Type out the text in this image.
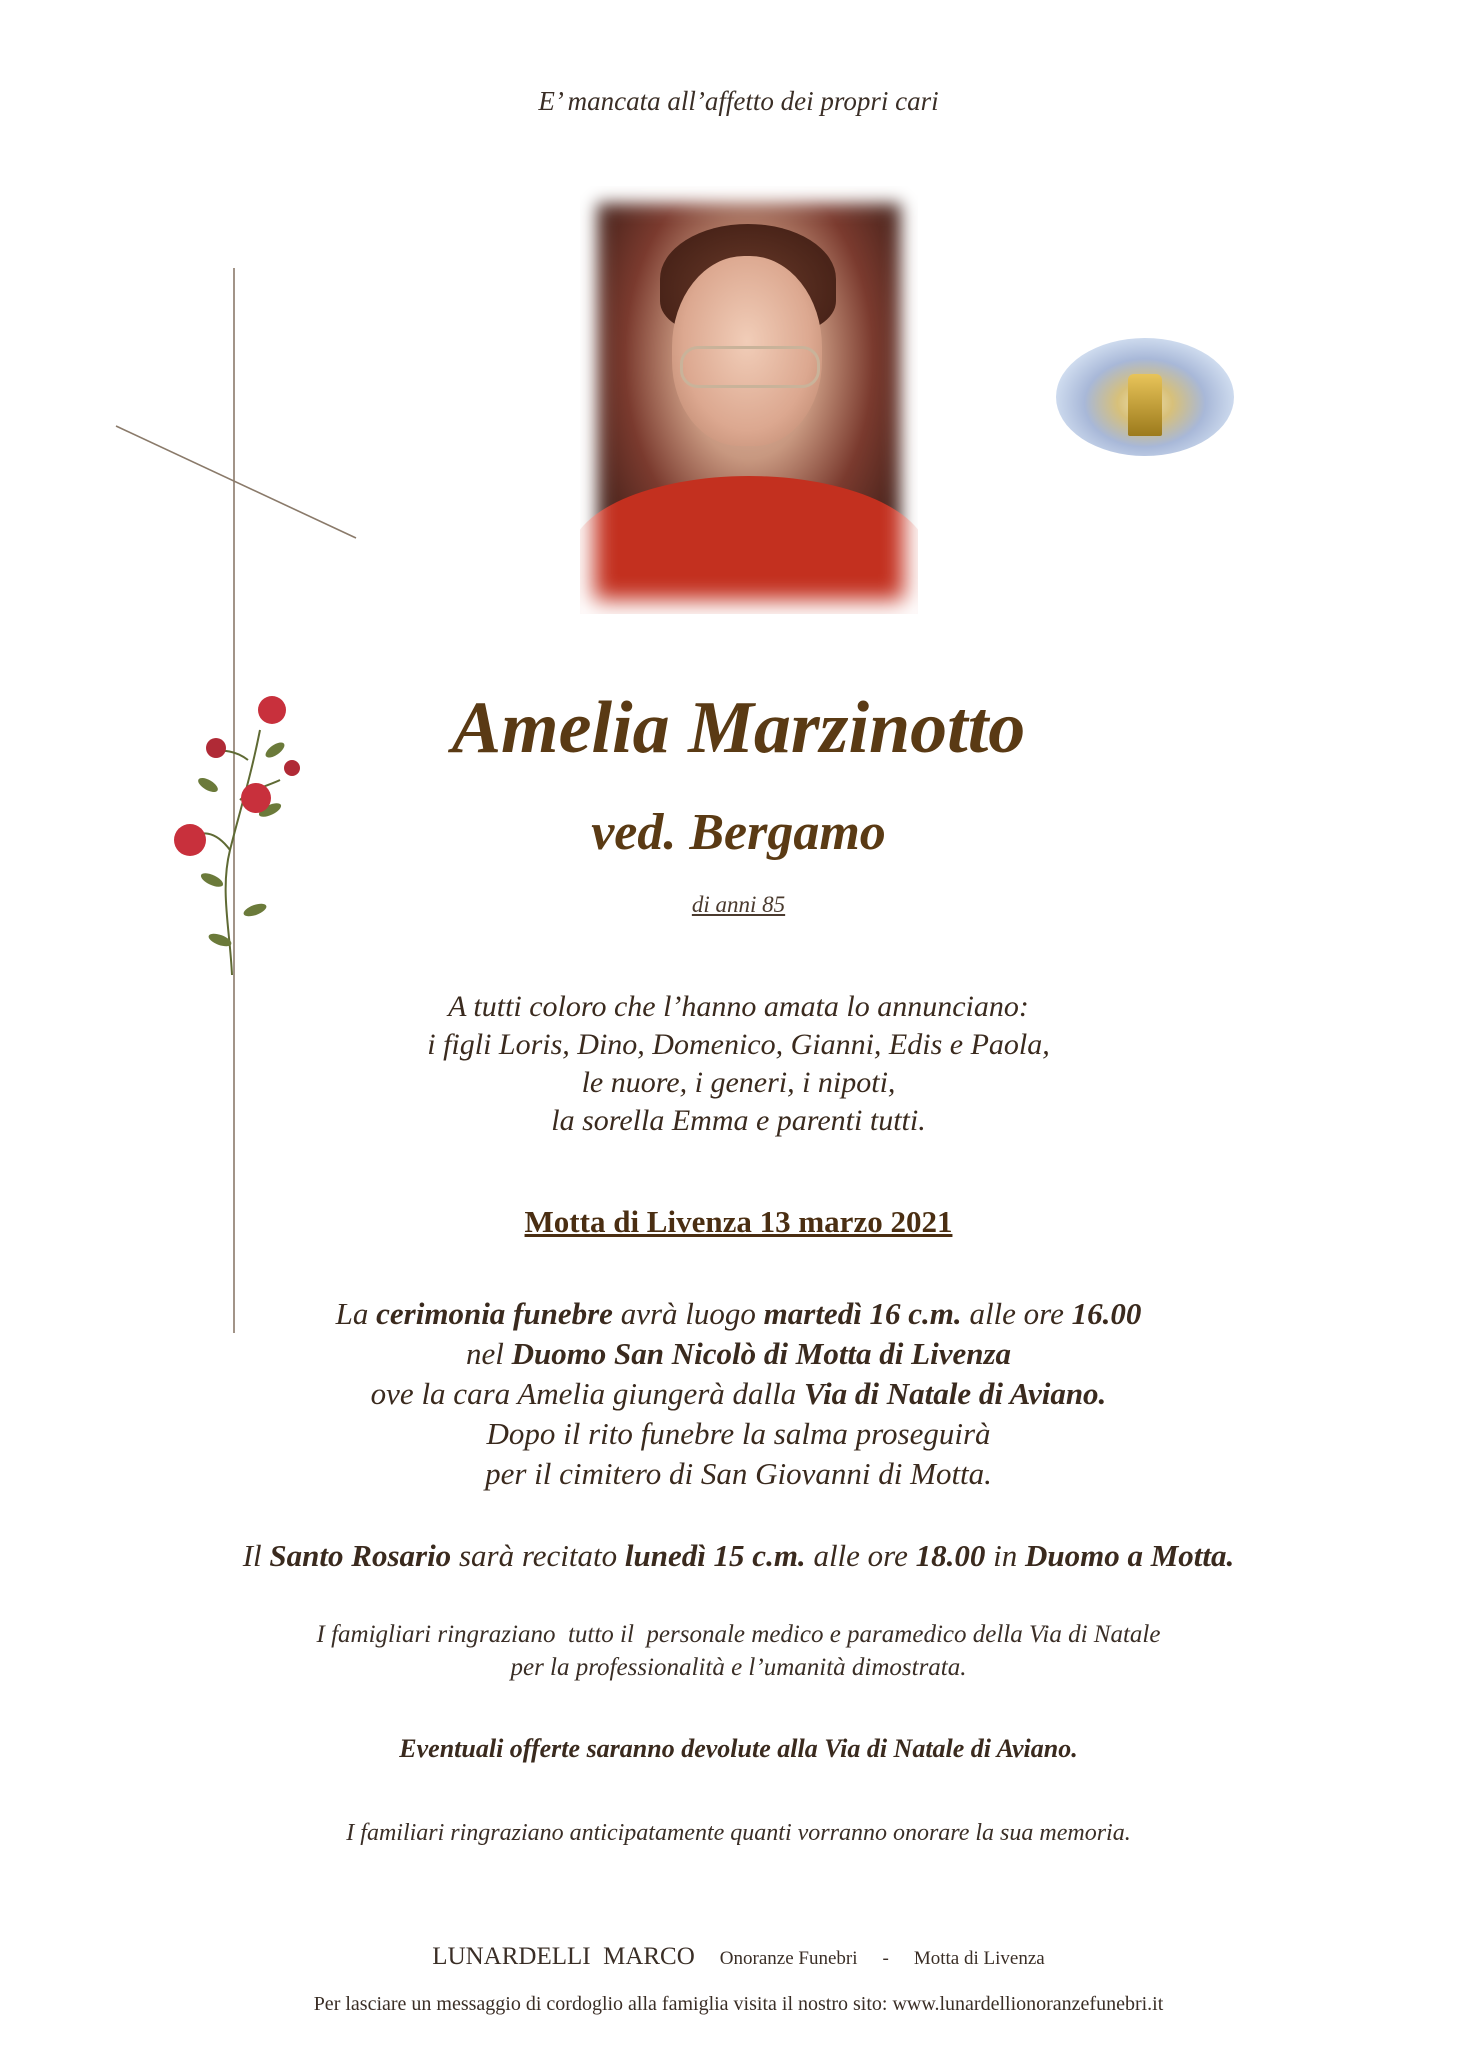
E’ mancata all’affetto dei propri cari
Amelia Marzinotto
ved. Bergamo
di anni 85
A tutti coloro che l’hanno amata lo annunciano:
i figli Loris, Dino, Domenico, Gianni, Edis e Paola,
le nuore, i generi, i nipoti,
la sorella Emma e parenti tutti.
Motta di Livenza 13 marzo 2021
La cerimonia funebre avrà luogo martedì 16 c.m. alle ore 16.00
nel Duomo San Nicolò di Motta di Livenza
ove la cara Amelia giungerà dalla Via di Natale di Aviano.
Dopo il rito funebre la salma proseguirà
per il cimitero di San Giovanni di Motta.
Il Santo Rosario sarà recitato lunedì 15 c.m. alle ore 18.00 in Duomo a Motta.
I famigliari ringraziano  tutto il  personale medico e paramedico della Via di Natale
per la professionalità e l’umanità dimostrata.
Eventuali offerte saranno devolute alla Via di Natale di Aviano.
I familiari ringraziano anticipatamente quanti vorranno onorare la sua memoria.
LUNARDELLI  MARCO Onoranze Funebri - Motta di Livenza
Per lasciare un messaggio di cordoglio alla famiglia visita il nostro sito: www.lunardellionoranzefunebri.it
